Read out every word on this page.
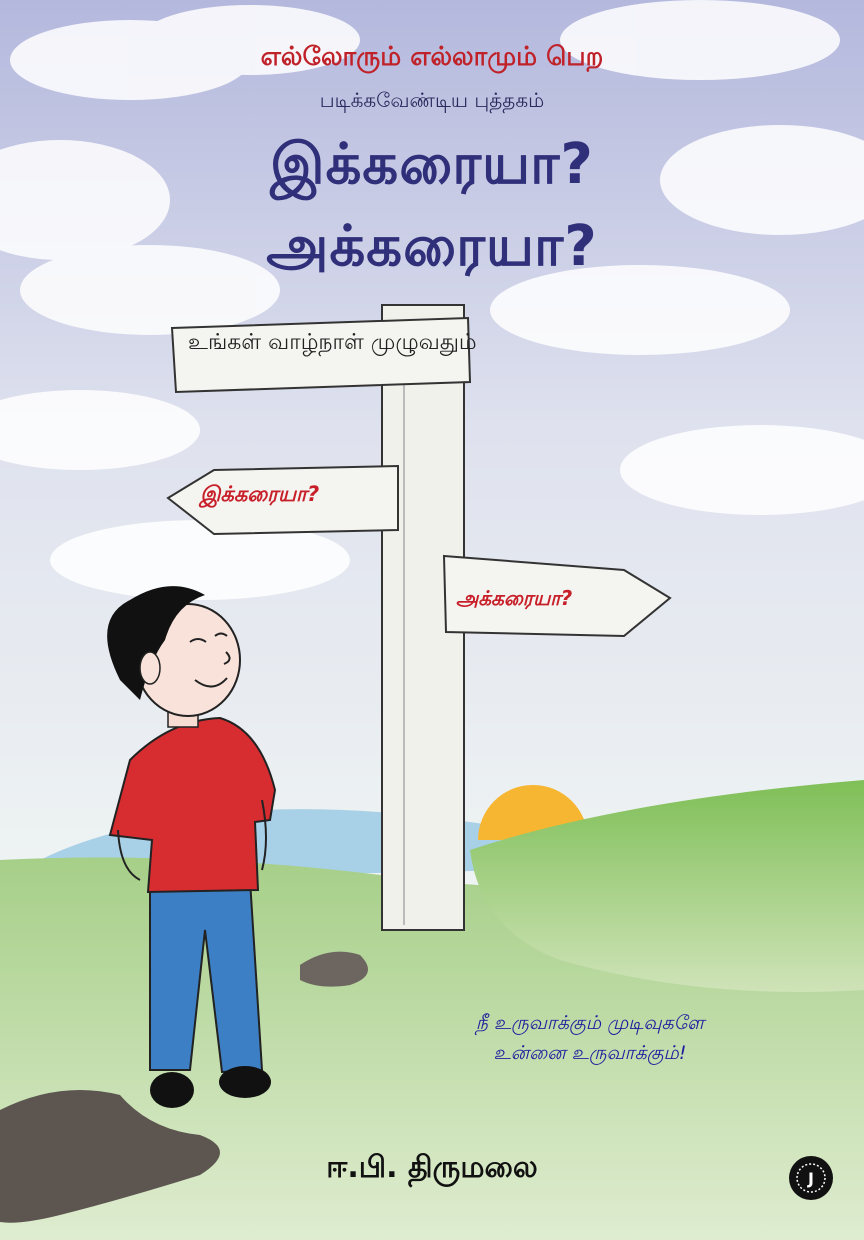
எல்லோரும் எல்லாமும் பெற
படிக்கவேண்டிய புத்தகம்
இக்கரையா?
அக்கரையா?
உங்கள் வாழ்நாள் முழுவதும்
இக்கரையா?
அக்கரையா?
நீ உருவாக்கும் முடிவுகளே
உன்னை உருவாக்கும்!
ஈ.பி. திருமலை	J
